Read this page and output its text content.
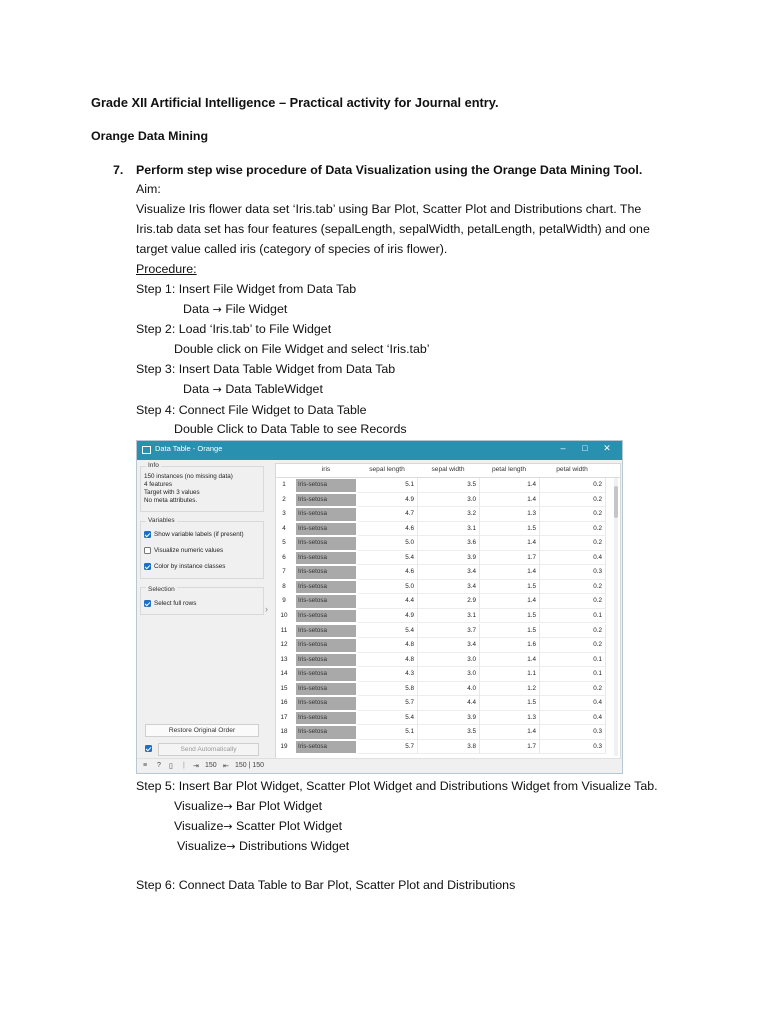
Grade XII Artificial Intelligence – Practical activity for Journal entry.
Orange Data Mining
7. Perform step wise procedure of Data Visualization using the Orange Data Mining Tool.
Aim:
Visualize Iris flower data set ‘Iris.tab’ using Bar Plot, Scatter Plot and Distributions chart. The
Iris.tab data set has four features (sepalLength, sepalWidth, petalLength, petalWidth) and one
target value called iris (category of species of iris flower).
Procedure:
Step 1: Insert File Widget from Data Tab
Data → File Widget
Step 2: Load ‘Iris.tab’ to File Widget
Double click on File Widget and select ‘Iris.tab’
Step 3: Insert Data Table Widget from Data Tab
Data → Data TableWidget
Step 4: Connect File Widget to Data Table
Double Click to Data Table to see Records
Data Table - Orange	–	□	✕
Info
150 instances (no missing data)
4 features
Target with 3 values
No meta attributes.
Variables
Show variable labels (if present)
Visualize numeric values
Color by instance classes
Selection
Select full rows
Restore Original Order
Send Automatically
›
iris	sepal length	sepal width	petal length	petal width
1	Iris-setosa	5.1	3.5	1.4	0.2
2	Iris-setosa	4.9	3.0	1.4	0.2
3	Iris-setosa	4.7	3.2	1.3	0.2
4	Iris-setosa	4.6	3.1	1.5	0.2
5	Iris-setosa	5.0	3.6	1.4	0.2
6	Iris-setosa	5.4	3.9	1.7	0.4
7	Iris-setosa	4.6	3.4	1.4	0.3
8	Iris-setosa	5.0	3.4	1.5	0.2
9	Iris-setosa	4.4	2.9	1.4	0.2
10	Iris-setosa	4.9	3.1	1.5	0.1
11	Iris-setosa	5.4	3.7	1.5	0.2
12	Iris-setosa	4.8	3.4	1.6	0.2
13	Iris-setosa	4.8	3.0	1.4	0.1
14	Iris-setosa	4.3	3.0	1.1	0.1
15	Iris-setosa	5.8	4.0	1.2	0.2
16	Iris-setosa	5.7	4.4	1.5	0.4
17	Iris-setosa	5.4	3.9	1.3	0.4
18	Iris-setosa	5.1	3.5	1.4	0.3
19	Iris-setosa	5.7	3.8	1.7	0.3
≡ ? ▯ | ⇥ 150 ⇤ 150 | 150
Step 5: Insert Bar Plot Widget, Scatter Plot Widget and Distributions Widget from Visualize Tab.
Visualize→ Bar Plot Widget
Visualize→ Scatter Plot Widget
Visualize→ Distributions Widget
Step 6: Connect Data Table to Bar Plot, Scatter Plot and Distributions
